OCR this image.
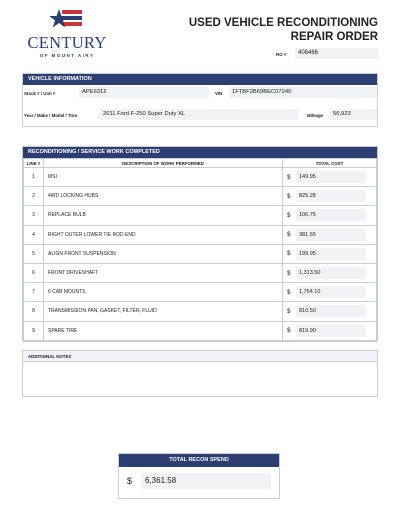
CENTURY
OF MOUNT AIRY
USED VEHICLE RECONDITIONING
REPAIR ORDER
RO #	408466
VEHICLE INFORMATION
Stock # / Unit #	APE6312	VIN	1FTBF2B69BEC07240
Year / Make / Model / Trim	2011 Ford F-250 Super Duty XL	Mileage	56,923
RECONDITIONING / SERVICE WORK COMPLETED
LINE #	DESCRIPTION OF WORK PERFORMED	TOTAL COST
1	MSI	$ 149.95

2	4WD LOCKING HUBS	$ 825.28

3	REPLACE BULB	$ 106.75

4	RIGHT OUTER LOWER TIE ROD END	$ 381.65

5	ALIGN FRONT SUSPENSION	$ 199.95

6	FRONT DRIVESHAFT	$ 1,313.50

7	6 CAB MOUNTS	$ 1,754.10

8	TRANSMISSION PAN, GASKET, FILTER, FLUID	$ 810.50

9	SPARE TIRE	$ 819.90
ADDITIONAL NOTES
TOTAL RECON SPEND
$	6,361.58
